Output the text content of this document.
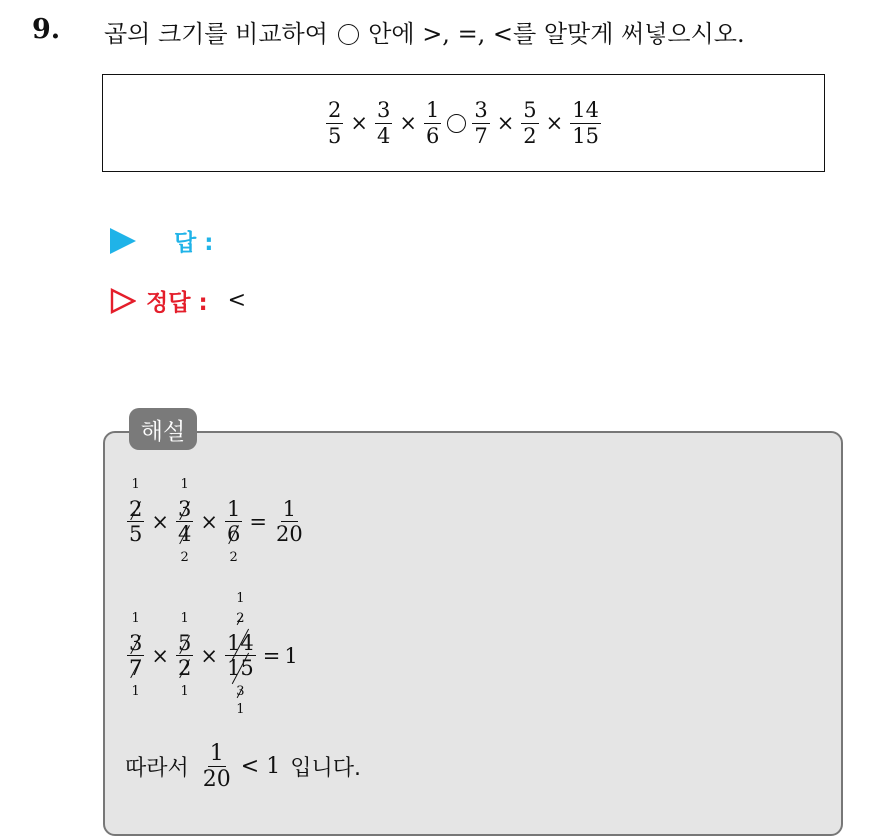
9. 곱의 크기를 비교하여 안에 >, =, <를 알맞게 써넣으시오.
$\frac{2}{5} \times \frac{3}{4} \times \frac{1}{6} \frac{3}{7} \times \frac{5}{2} \times \frac{14}{15}$
답 :
정답 : <
해설
2
1
5 × 3
1
4
2 × 1
6
$2 = \frac{1}{20}$
3
1
7
1 × 5
1
2
1 × 14
2
1
15
3
1 = 1
따라서
1
20
< 1 입니다.
